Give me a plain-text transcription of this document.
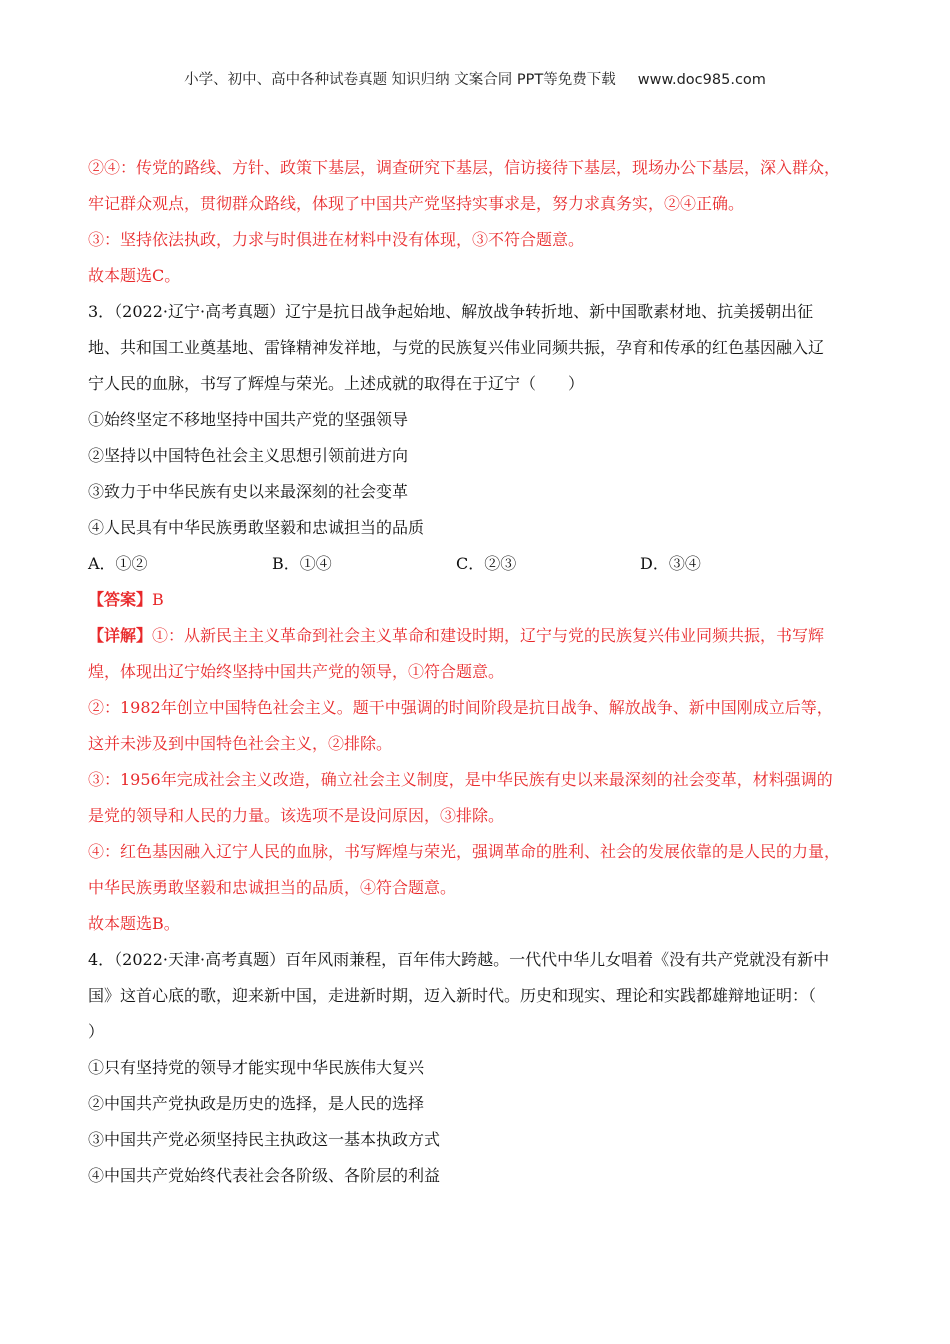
小学、初中、高中各种试卷真题 知识归纳 文案合同 PPT等免费下载 www.doc985.com
②④：传党的路线、方针、政策下基层，调查研究下基层，信访接待下基层，现场办公下基层，深入群众，
牢记群众观点，贯彻群众路线，体现了中国共产党坚持实事求是，努力求真务实，②④正确。
③：坚持依法执政，力求与时俱进在材料中没有体现，③不符合题意。
故本题选C。
3．（2022·辽宁·高考真题）辽宁是抗日战争起始地、解放战争转折地、新中国歌素材地、抗美援朝出征
地、共和国工业奠基地、雷锋精神发祥地，与党的民族复兴伟业同频共振，孕育和传承的红色基因融入辽
宁人民的血脉，书写了辉煌与荣光。上述成就的取得在于辽宁（　　）
①始终坚定不移地坚持中国共产党的坚强领导
②坚持以中国特色社会主义思想引领前进方向
③致力于中华民族有史以来最深刻的社会变革
④人民具有中华民族勇敢坚毅和忠诚担当的品质
A．①②	B．①④	C．②③	D．③④
【答案】B
【详解】①：从新民主主义革命到社会主义革命和建设时期，辽宁与党的民族复兴伟业同频共振，书写辉
煌，体现出辽宁始终坚持中国共产党的领导，①符合题意。
②：1982年创立中国特色社会主义。题干中强调的时间阶段是抗日战争、解放战争、新中国刚成立后等，
这并未涉及到中国特色社会主义，②排除。
③：1956年完成社会主义改造，确立社会主义制度，是中华民族有史以来最深刻的社会变革，材料强调的
是党的领导和人民的力量。该选项不是设问原因，③排除。
④：红色基因融入辽宁人民的血脉，书写辉煌与荣光，强调革命的胜利、社会的发展依靠的是人民的力量，
中华民族勇敢坚毅和忠诚担当的品质，④符合题意。
故本题选B。
4．（2022·天津·高考真题）百年风雨兼程，百年伟大跨越。一代代中华儿女唱着《没有共产党就没有新中
国》这首心底的歌，迎来新中国，走进新时期，迈入新时代。历史和现实、理论和实践都雄辩地证明：（
）
①只有坚持党的领导才能实现中华民族伟大复兴
②中国共产党执政是历史的选择，是人民的选择
③中国共产党必须坚持民主执政这一基本执政方式
④中国共产党始终代表社会各阶级、各阶层的利益
